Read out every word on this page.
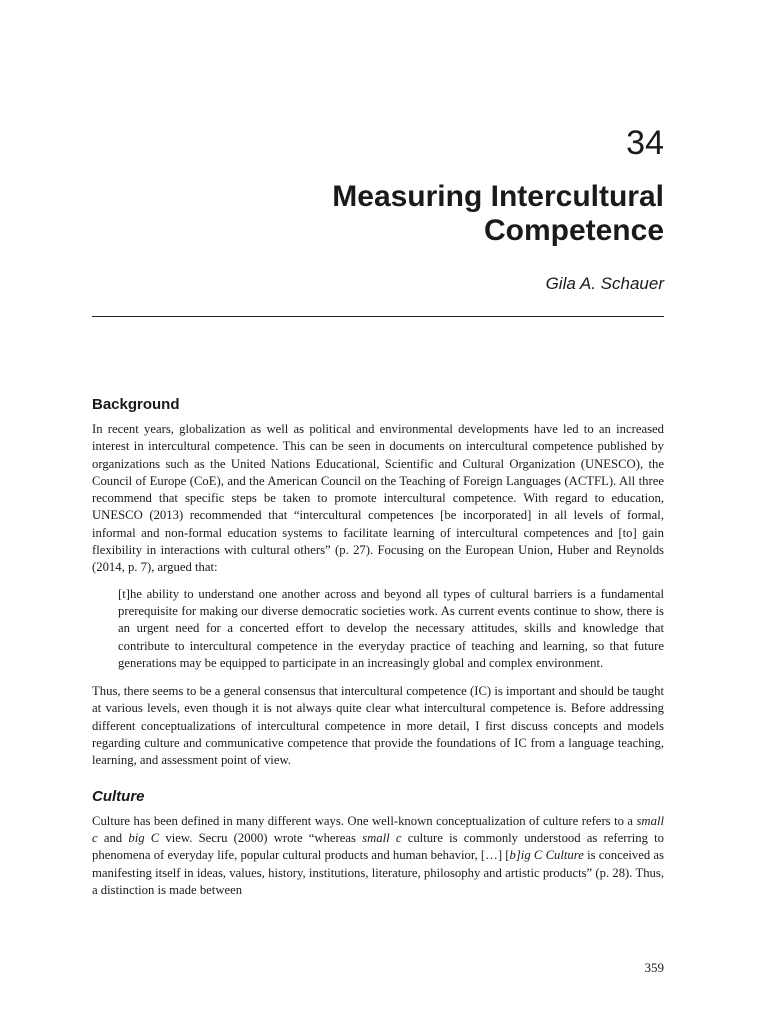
34
Measuring Intercultural Competence
Gila A. Schauer
Background

In recent years, globalization as well as political and environmental developments have led to an increased interest in intercultural competence. This can be seen in documents on intercultural competence published by organizations such as the United Nations Educational, Scientific and Cultural Organization (UNESCO), the Council of Europe (CoE), and the American Council on the Teaching of Foreign Languages (ACTFL). All three recommend that specific steps be taken to promote intercultural competence. With regard to education, UNESCO (2013) recommended that “intercultural competences [be incorporated] in all levels of formal, informal and non-formal education systems to facilitate learning of intercultural competences and [to] gain flexibility in interactions with cultural others” (p. 27). Focusing on the European Union, Huber and Reynolds (2014, p. 7), argued that:

[t]he ability to understand one another across and beyond all types of cultural barriers is a fundamental prerequisite for making our diverse democratic societies work. As current events continue to show, there is an urgent need for a concerted effort to develop the necessary attitudes, skills and knowledge that contribute to intercultural competence in the everyday practice of teaching and learning, so that future generations may be equipped to participate in an increasingly global and complex environment.

Thus, there seems to be a general consensus that intercultural competence (IC) is important and should be taught at various levels, even though it is not always quite clear what intercultural competence is. Before addressing different conceptualizations of intercultural competence in more detail, I first discuss concepts and models regarding culture and communicative competence that provide the foundations of IC from a language teaching, learning, and assessment point of view.

Culture

Culture has been defined in many different ways. One well-known conceptualization of culture refers to a small c and big C view. Secru (2000) wrote “whereas small c culture is commonly understood as referring to phenomena of everyday life, popular cultural products and human behavior, […] [b]ig C Culture is conceived as manifesting itself in ideas, values, history, institutions, literature, philosophy and artistic products” (p. 28). Thus, a distinction is made between

359
